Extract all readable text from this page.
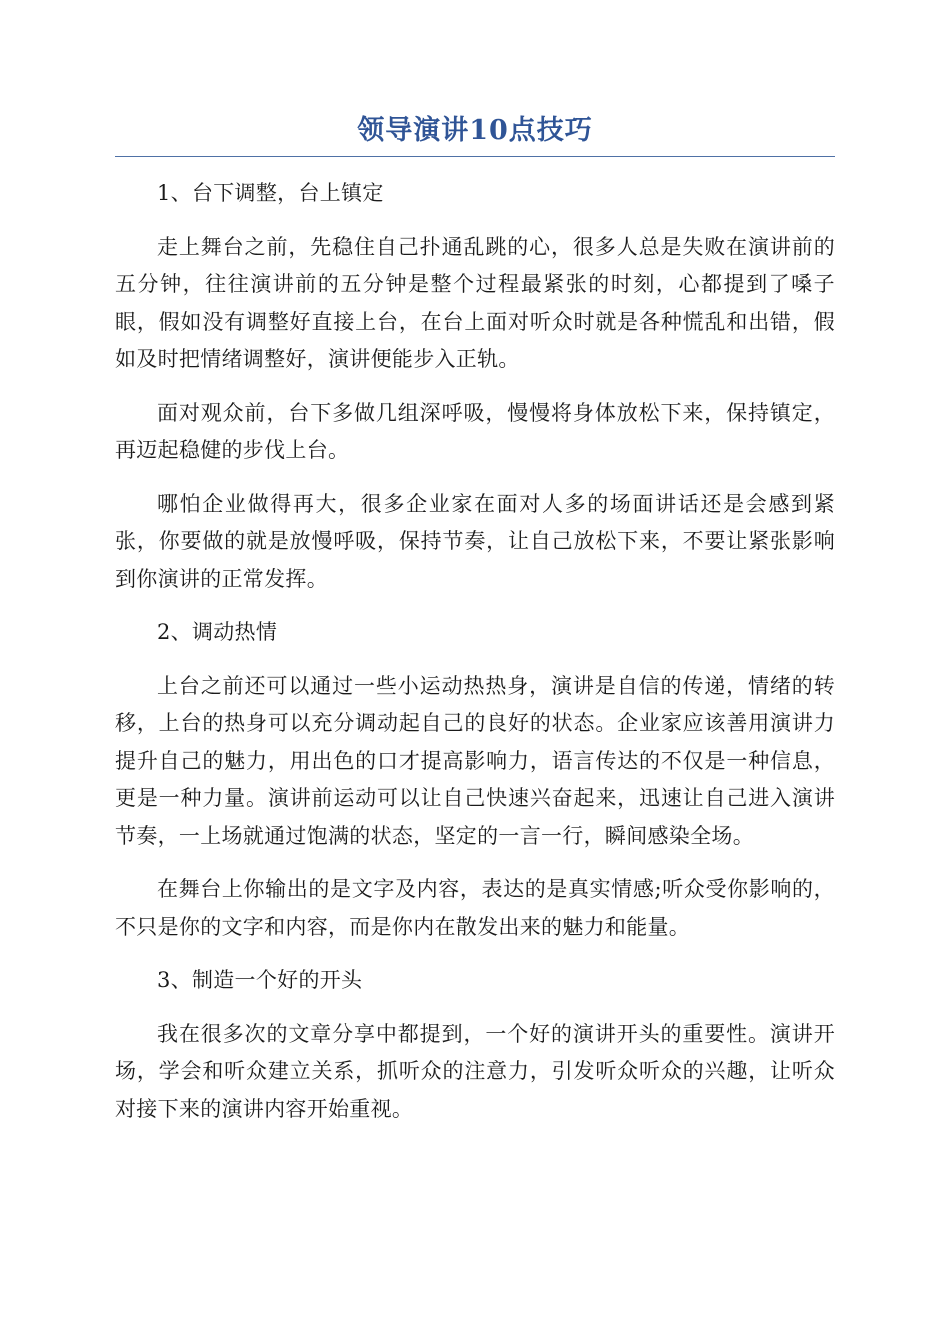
领导演讲10点技巧

1、台下调整，台上镇定

走上舞台之前，先稳住自己扑通乱跳的心，很多人总是失败在演讲前的五分钟，往往演讲前的五分钟是整个过程最紧张的时刻，心都提到了嗓子眼，假如没有调整好直接上台，在台上面对听众时就是各种慌乱和出错，假如及时把情绪调整好，演讲便能步入正轨。

面对观众前，台下多做几组深呼吸，慢慢将身体放松下来，保持镇定，再迈起稳健的步伐上台。

哪怕企业做得再大，很多企业家在面对人多的场面讲话还是会感到紧张，你要做的就是放慢呼吸，保持节奏，让自己放松下来，不要让紧张影响到你演讲的正常发挥。

2、调动热情

上台之前还可以通过一些小运动热热身，演讲是自信的传递，情绪的转移，上台的热身可以充分调动起自己的良好的状态。企业家应该善用演讲力提升自己的魅力，用出色的口才提高影响力，语言传达的不仅是一种信息，更是一种力量。演讲前运动可以让自己快速兴奋起来，迅速让自己进入演讲节奏，一上场就通过饱满的状态，坚定的一言一行，瞬间感染全场。

在舞台上你输出的是文字及内容，表达的是真实情感;听众受你影响的，不只是你的文字和内容，而是你内在散发出来的魅力和能量。

3、制造一个好的开头

我在很多次的文章分享中都提到，一个好的演讲开头的重要性。演讲开场，学会和听众建立关系，抓听众的注意力，引发听众听众的兴趣，让听众对接下来的演讲内容开始重视。
